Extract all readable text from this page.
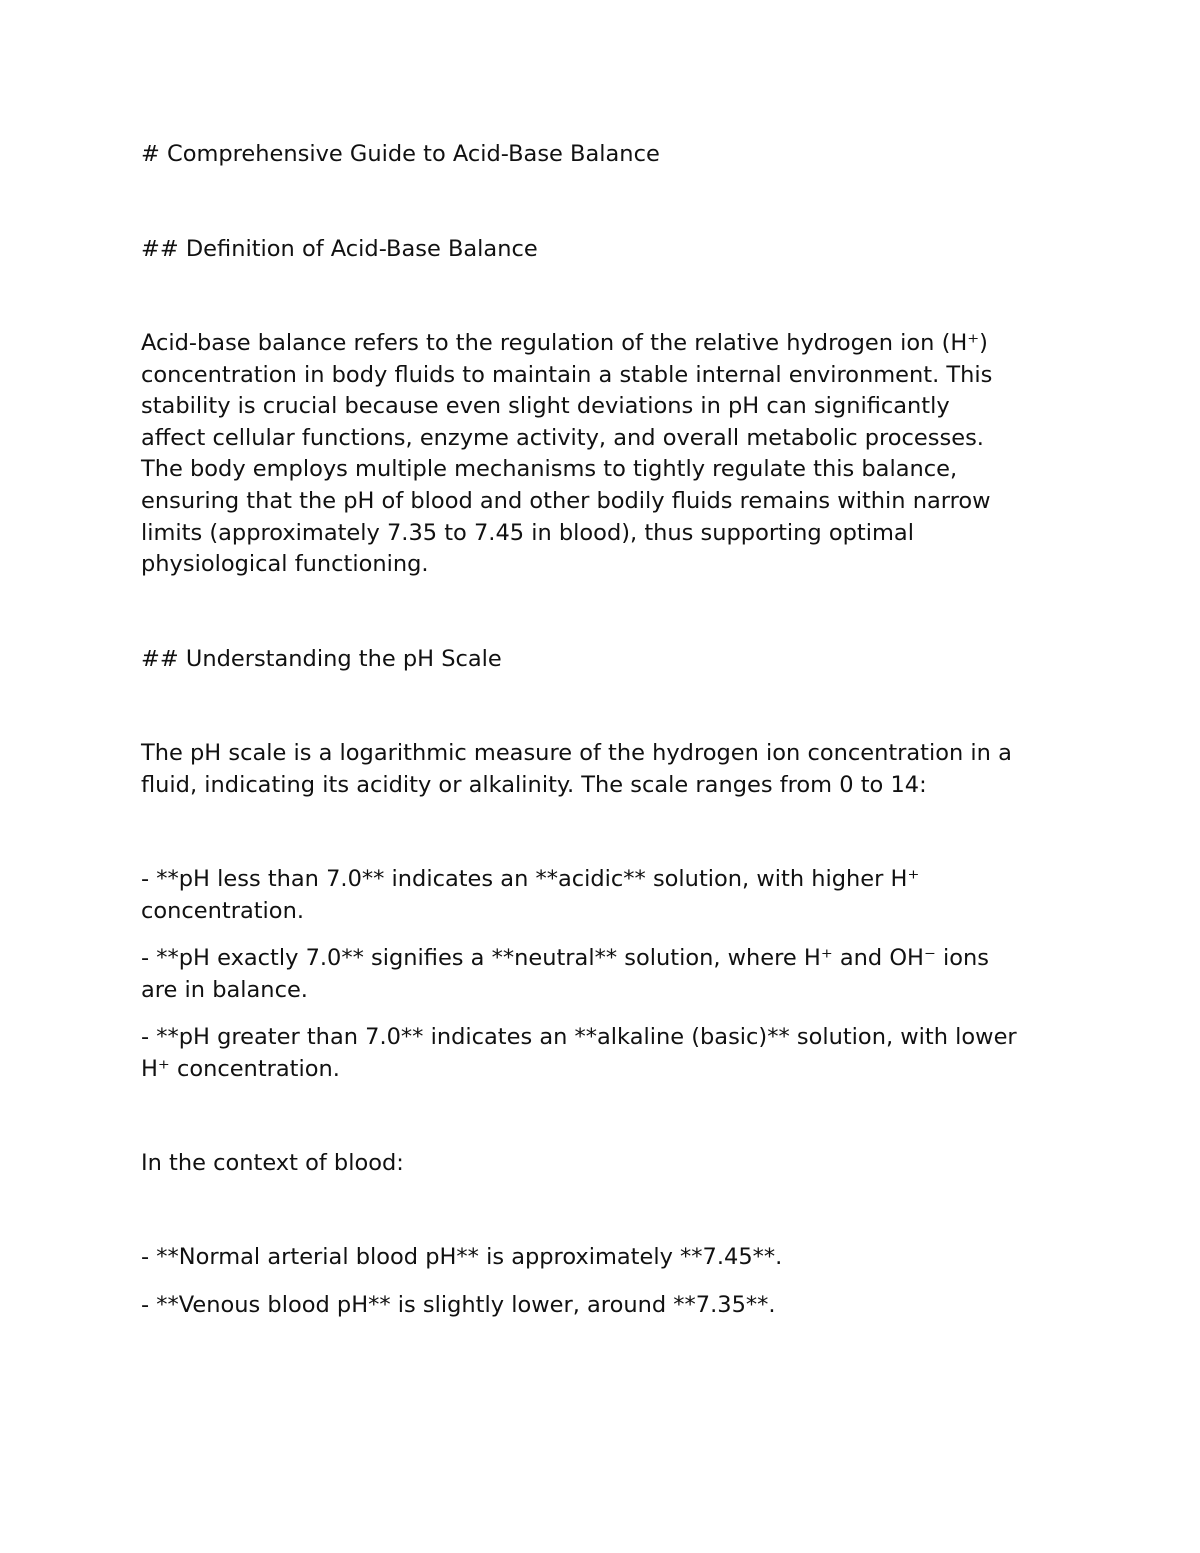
# Comprehensive Guide to Acid-Base Balance

## Definition of Acid-Base Balance

Acid-base balance refers to the regulation of the relative hydrogen ion (H⁺)
concentration in body fluids to maintain a stable internal environment. This
stability is crucial because even slight deviations in pH can significantly
affect cellular functions, enzyme activity, and overall metabolic processes.
The body employs multiple mechanisms to tightly regulate this balance,
ensuring that the pH of blood and other bodily fluids remains within narrow
limits (approximately 7.35 to 7.45 in blood), thus supporting optimal
physiological functioning.

## Understanding the pH Scale

The pH scale is a logarithmic measure of the hydrogen ion concentration in a
fluid, indicating its acidity or alkalinity. The scale ranges from 0 to 14:
- **pH less than 7.0** indicates an **acidic** solution, with higher H⁺
concentration.
- **pH exactly 7.0** signifies a **neutral** solution, where H⁺ and OH⁻ ions
are in balance.
- **pH greater than 7.0** indicates an **alkaline (basic)** solution, with lower
H⁺ concentration.

In the context of blood:

- **Normal arterial blood pH** is approximately **7.45**.

- **Venous blood pH** is slightly lower, around **7.35**.
